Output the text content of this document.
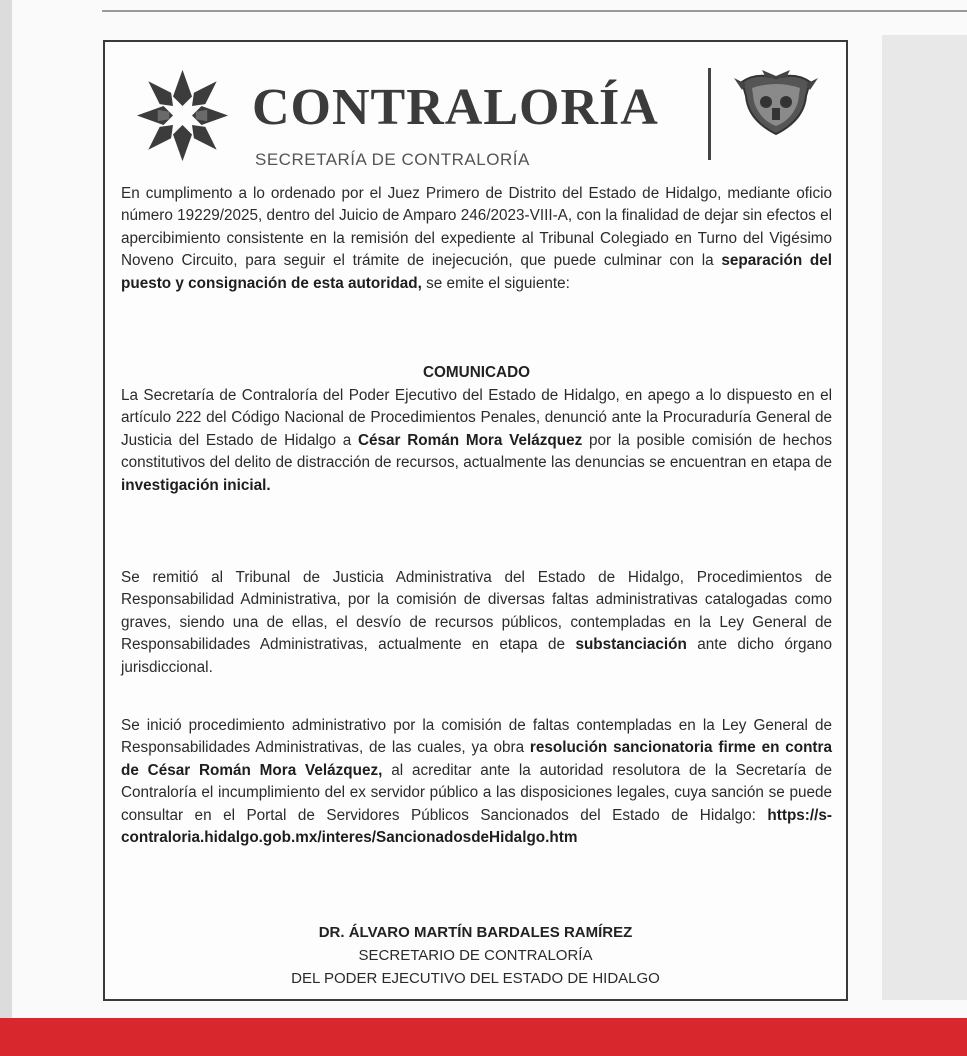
CONTRALORÍA
SECRETARÍA DE CONTRALORÍA

En cumplimento a lo ordenado por el Juez Primero de Distrito del Estado de Hidalgo, mediante oficio número 19229/2025, dentro del Juicio de Amparo 246/2023-VIII-A, con la finalidad de dejar sin efectos el apercibimiento consistente en la remisión del expediente al Tribunal Colegiado en Turno del Vigésimo Noveno Circuito, para seguir el trámite de inejecución, que puede culminar con la separación del puesto y consignación de esta autoridad, se emite el siguiente:

COMUNICADO

La Secretaría de Contraloría del Poder Ejecutivo del Estado de Hidalgo, en apego a lo dispuesto en el artículo 222 del Código Nacional de Procedimientos Penales, denunció ante la Procuraduría General de Justicia del Estado de Hidalgo a César Román Mora Velázquez por la posible comisión de hechos constitutivos del delito de distracción de recursos, actualmente las denuncias se encuentran en etapa de investigación inicial.

Se remitió al Tribunal de Justicia Administrativa del Estado de Hidalgo, Procedimientos de Responsabilidad Administrativa, por la comisión de diversas faltas administrativas catalogadas como graves, siendo una de ellas, el desvío de recursos públicos, contempladas en la Ley General de Responsabilidades Administrativas, actualmente en etapa de substanciación ante dicho órgano jurisdiccional.

Se inició procedimiento administrativo por la comisión de faltas contempladas en la Ley General de Responsabilidades Administrativas, de las cuales, ya obra resolución sancionatoria firme en contra de César Román Mora Velázquez, al acreditar ante la autoridad resolutora de la Secretaría de Contraloría el incumplimiento del ex servidor público a las disposiciones legales, cuya sanción se puede consultar en el Portal de Servidores Públicos Sancionados del Estado de Hidalgo: https://s-contraloria.hidalgo.gob.mx/interes/SancionadosdeHidalgo.htm

DR. ÁLVARO MARTÍN BARDALES RAMÍREZ

SECRETARIO DE CONTRALORÍA

DEL PODER EJECUTIVO DEL ESTADO DE HIDALGO
